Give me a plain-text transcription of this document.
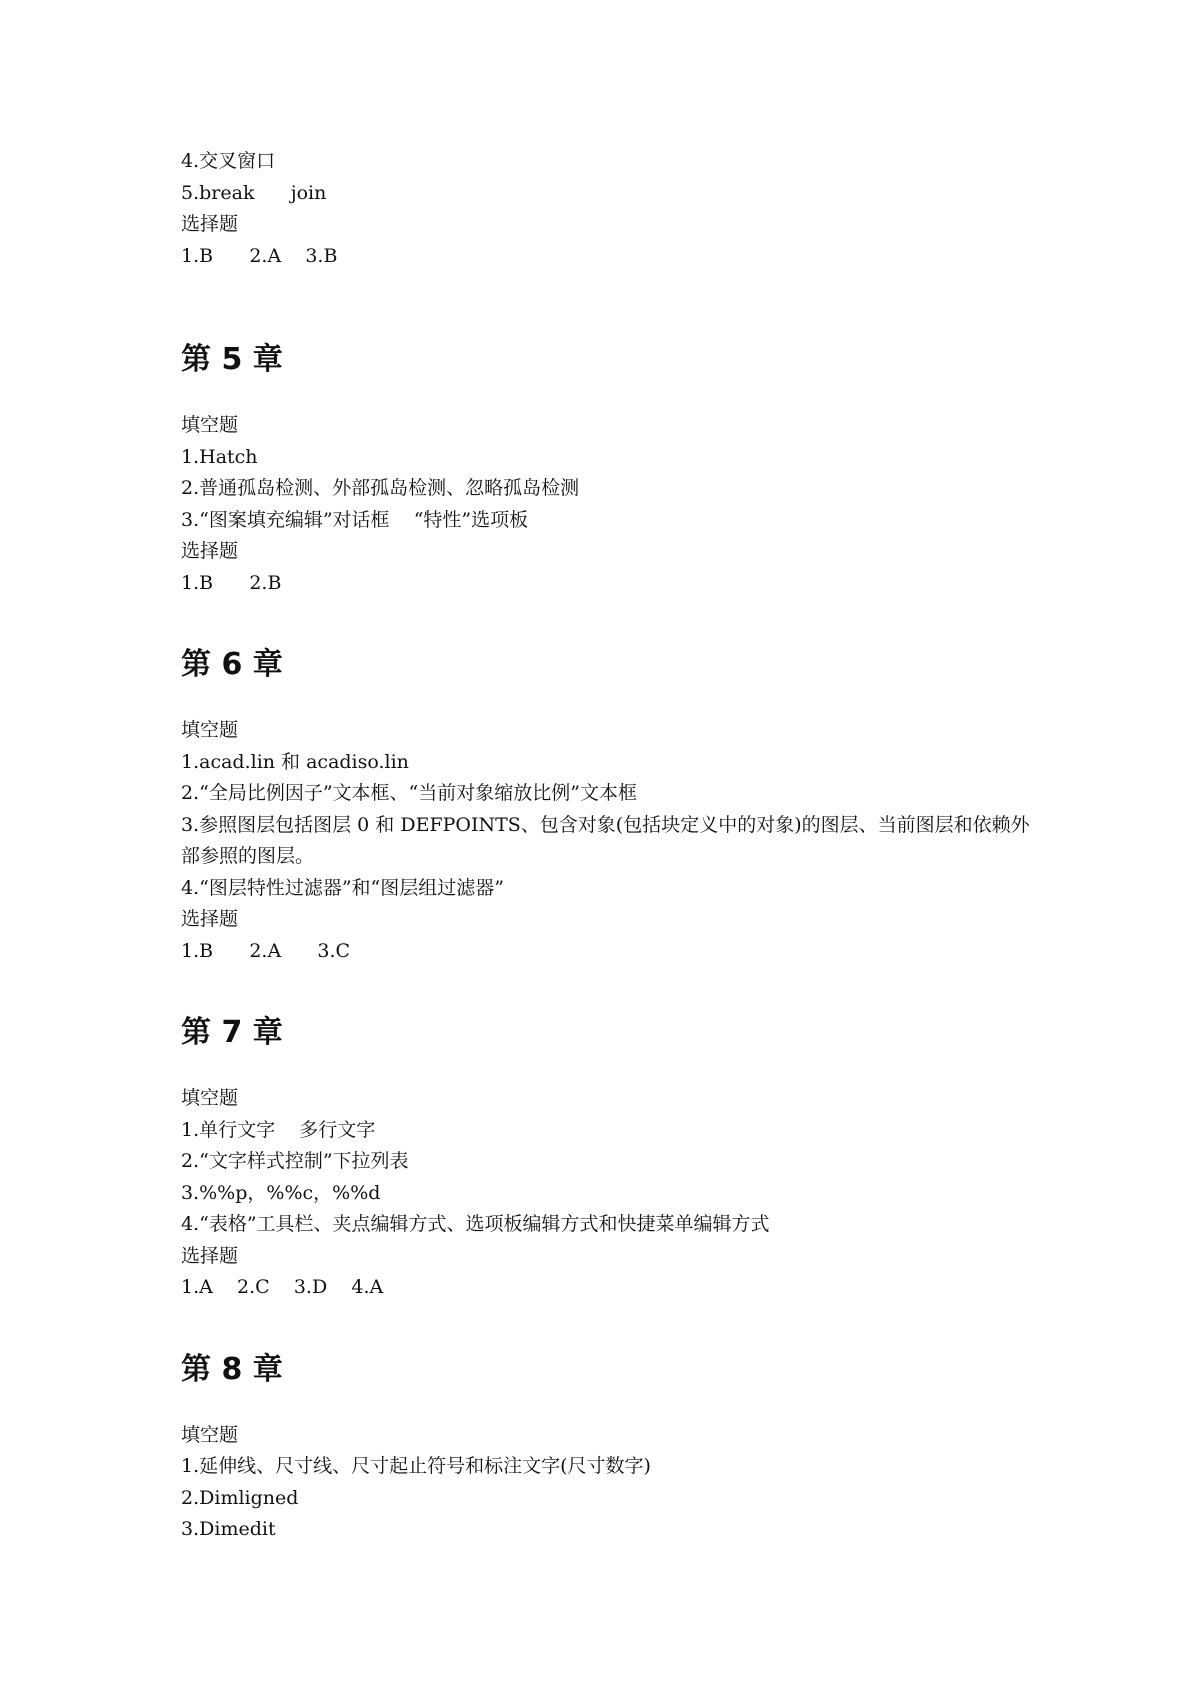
4.交叉窗口
5.break      join
选择题
1.B      2.A    3.B
第 5 章
填空题
1.Hatch
2.普通孤岛检测、外部孤岛检测、忽略孤岛检测
3.“图案填充编辑”对话框    “特性”选项板
选择题
1.B      2.B
第 6 章
填空题
1.acad.lin 和 acadiso.lin
2.“全局比例因子”文本框、“当前对象缩放比例”文本框
3.参照图层包括图层 0 和 DEFPOINTS、包含对象(包括块定义中的对象)的图层、当前图层和依赖外部参照的图层。
4.“图层特性过滤器”和“图层组过滤器”
选择题
1.B      2.A      3.C
第 7 章
填空题
1.单行文字    多行文字
2.“文字样式控制”下拉列表
3.%%p，%%c，%%d
4.“表格”工具栏、夹点编辑方式、选项板编辑方式和快捷菜单编辑方式
选择题
1.A    2.C    3.D    4.A
第 8 章
填空题
1.延伸线、尺寸线、尺寸起止符号和标注文字(尺寸数字)
2.Dimligned
3.Dimedit
